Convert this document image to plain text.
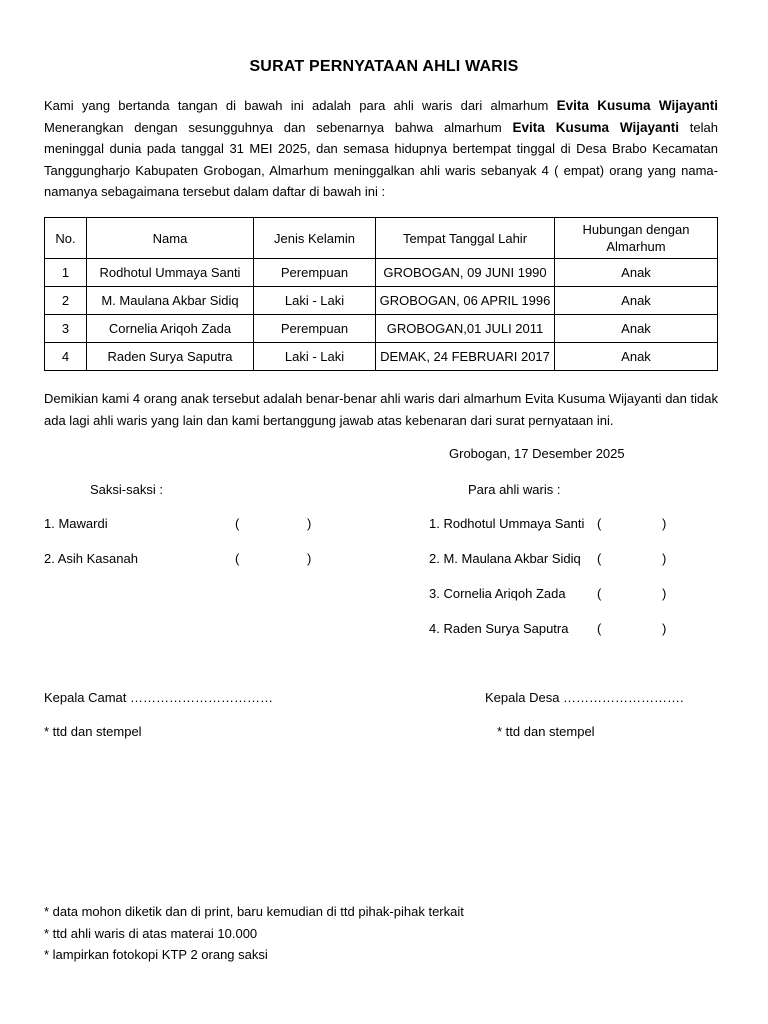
SURAT PERNYATAAN AHLI WARIS
Kami yang bertanda tangan di bawah ini adalah para ahli waris dari almarhum Evita Kusuma Wijayanti
Menerangkan dengan sesungguhnya dan sebenarnya bahwa almarhum Evita Kusuma Wijayanti telah
meninggal dunia pada tanggal 31 MEI 2025, dan semasa hidupnya bertempat tinggal di Desa Brabo Kecamatan Tanggungharjo Kabupaten Grobogan, Almarhum meninggalkan ahli waris sebanyak 4 ( empat) orang yang nama-namanya sebagaimana tersebut dalam daftar di bawah ini :
No.	Nama	Jenis Kelamin	Tempat Tanggal Lahir	Hubungan dengan Almarhum
1	Rodhotul Ummaya Santi	Perempuan	GROBOGAN, 09 JUNI 1990	Anak
2	M. Maulana Akbar Sidiq	Laki - Laki	GROBOGAN, 06 APRIL 1996	Anak
3	Cornelia Ariqoh Zada	Perempuan	GROBOGAN,01 JULI 2011	Anak
4	Raden Surya Saputra	Laki - Laki	DEMAK, 24 FEBRUARI 2017	Anak
Demikian kami 4 orang anak tersebut adalah benar-benar ahli waris dari almarhum Evita Kusuma Wijayanti dan tidak ada lagi ahli waris yang lain dan kami bertanggung jawab atas kebenaran dari surat pernyataan ini.
Grobogan, 17 Desember 2025
Saksi-saksi :
1. Mawardi	(	)
2. Asih Kasanah	(	)
Para ahli waris :
1. Rodhotul Ummaya Santi (	)
2. M. Maulana Akbar Sidiq (	)
3. Cornelia Ariqoh Zada (	)
4. Raden Surya Saputra (	)
Kepala Camat ……………………………	Kepala Desa ……………………….
* ttd dan stempel	* ttd dan stempel
* data mohon diketik dan di print, baru kemudian di ttd pihak-pihak terkait
* ttd ahli waris di atas materai 10.000
* lampirkan fotokopi KTP 2 orang saksi
